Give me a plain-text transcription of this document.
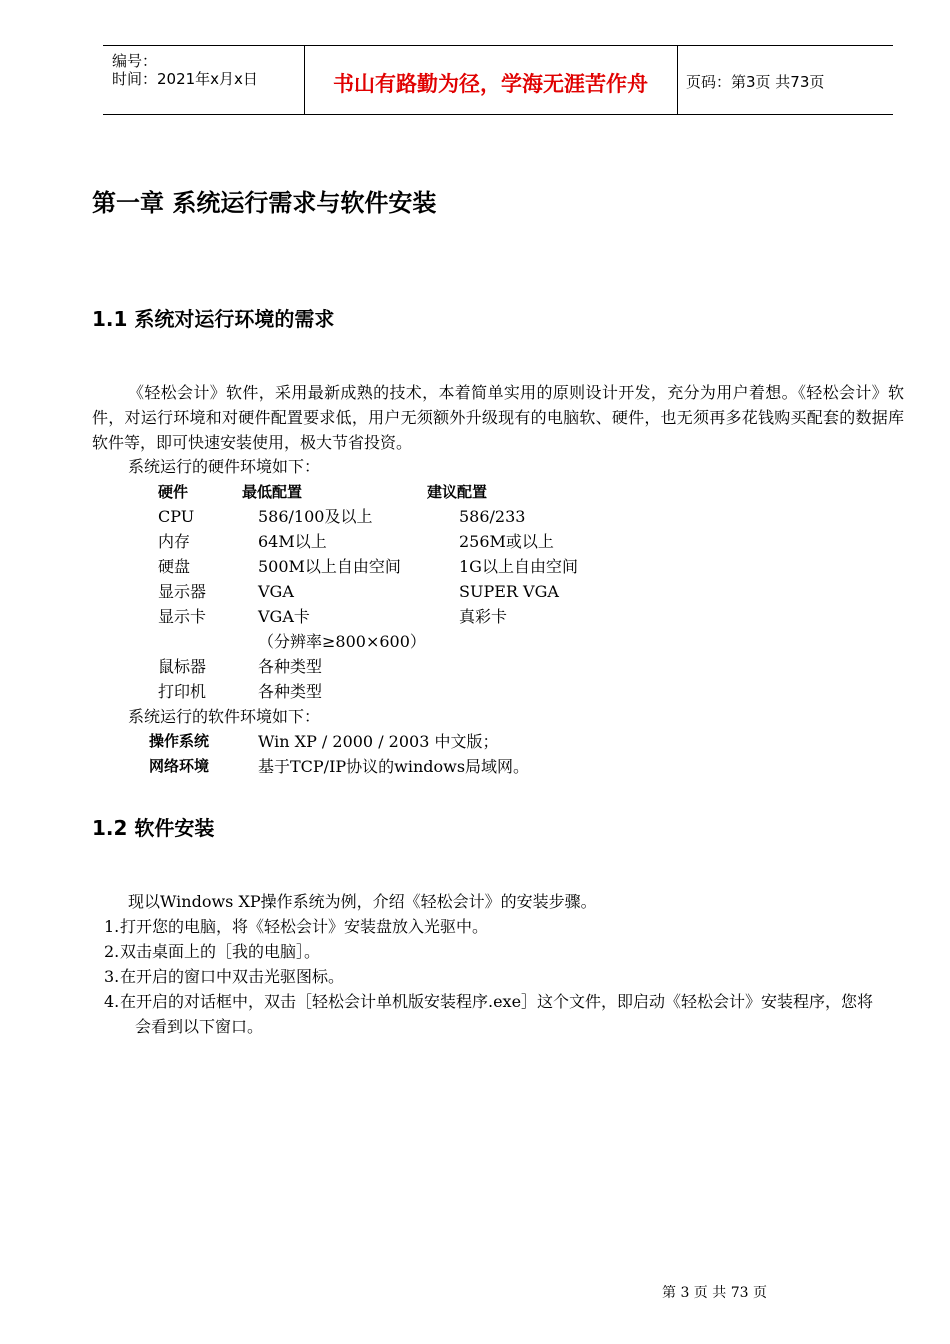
编号：
时间：2021年x月x日	书山有路勤为径，学海无涯苦作舟	页码：第3页 共73页
第一章 系统运行需求与软件安装
1.1 系统对运行环境的需求

《轻松会计》软件，采用最新成熟的技术，本着简单实用的原则设计开发，充分为用户着想。《轻松会计》软件，对运行环境和对硬件配置要求低，用户无须额外升级现有的电脑软、硬件，也无须再多花钱购买配套的数据库软件等，即可快速安装使用，极大节省投资。

系统运行的硬件环境如下：
硬件	最低配置	建议配置
CPU	586/100及以上	586/233
内存	64M以上	256M或以上
硬盘	500M以上自由空间	1G以上自由空间
显示器	VGA	SUPER VGA
显示卡	VGA卡	真彩卡
（分辨率≥800×600）
鼠标器	各种类型
打印机	各种类型
系统运行的软件环境如下：
操作系统	Win XP / 2000 / 2003 中文版；
网络环境	基于TCP/IP协议的windows局域网。
1.2 软件安装
现以Windows XP操作系统为例，介绍《轻松会计》的安装步骤。
1. 打开您的电脑，将《轻松会计》安装盘放入光驱中。
2. 双击桌面上的［我的电脑］。
3. 在开启的窗口中双击光驱图标。
4. 在开启的对话框中，双击［轻松会计单机版安装程序.exe］这个文件，即启动《轻松会计》安装程序，您将
会看到以下窗口。
第 3 页 共 73 页
